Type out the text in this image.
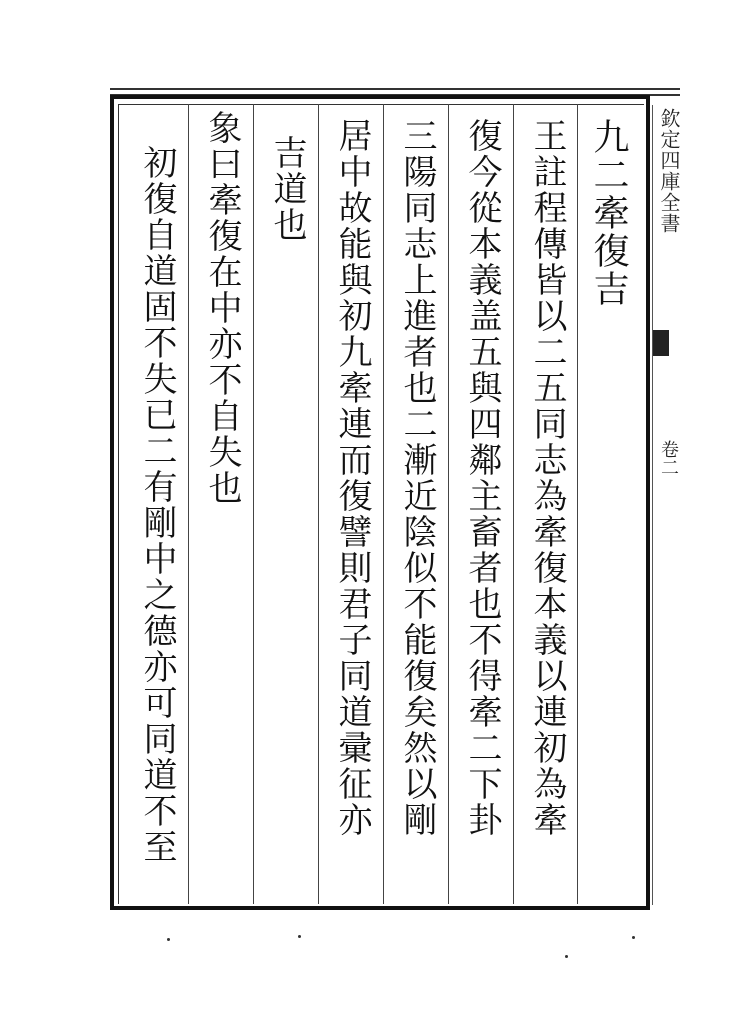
欽定四庫全書
卷二
九二牽復吉
王註程傳皆以二五同志為牽復本義以連初為牽
復今從本義盖五與四鄰主畜者也不得牽二下卦
三陽同志上進者也二漸近陰似不能復矣然以剛
居中故能與初九牽連而復譬則君子同道彚征亦
吉道也
象曰牽復在中亦不自失也
初復自道固不失已二有剛中之德亦可同道不至
